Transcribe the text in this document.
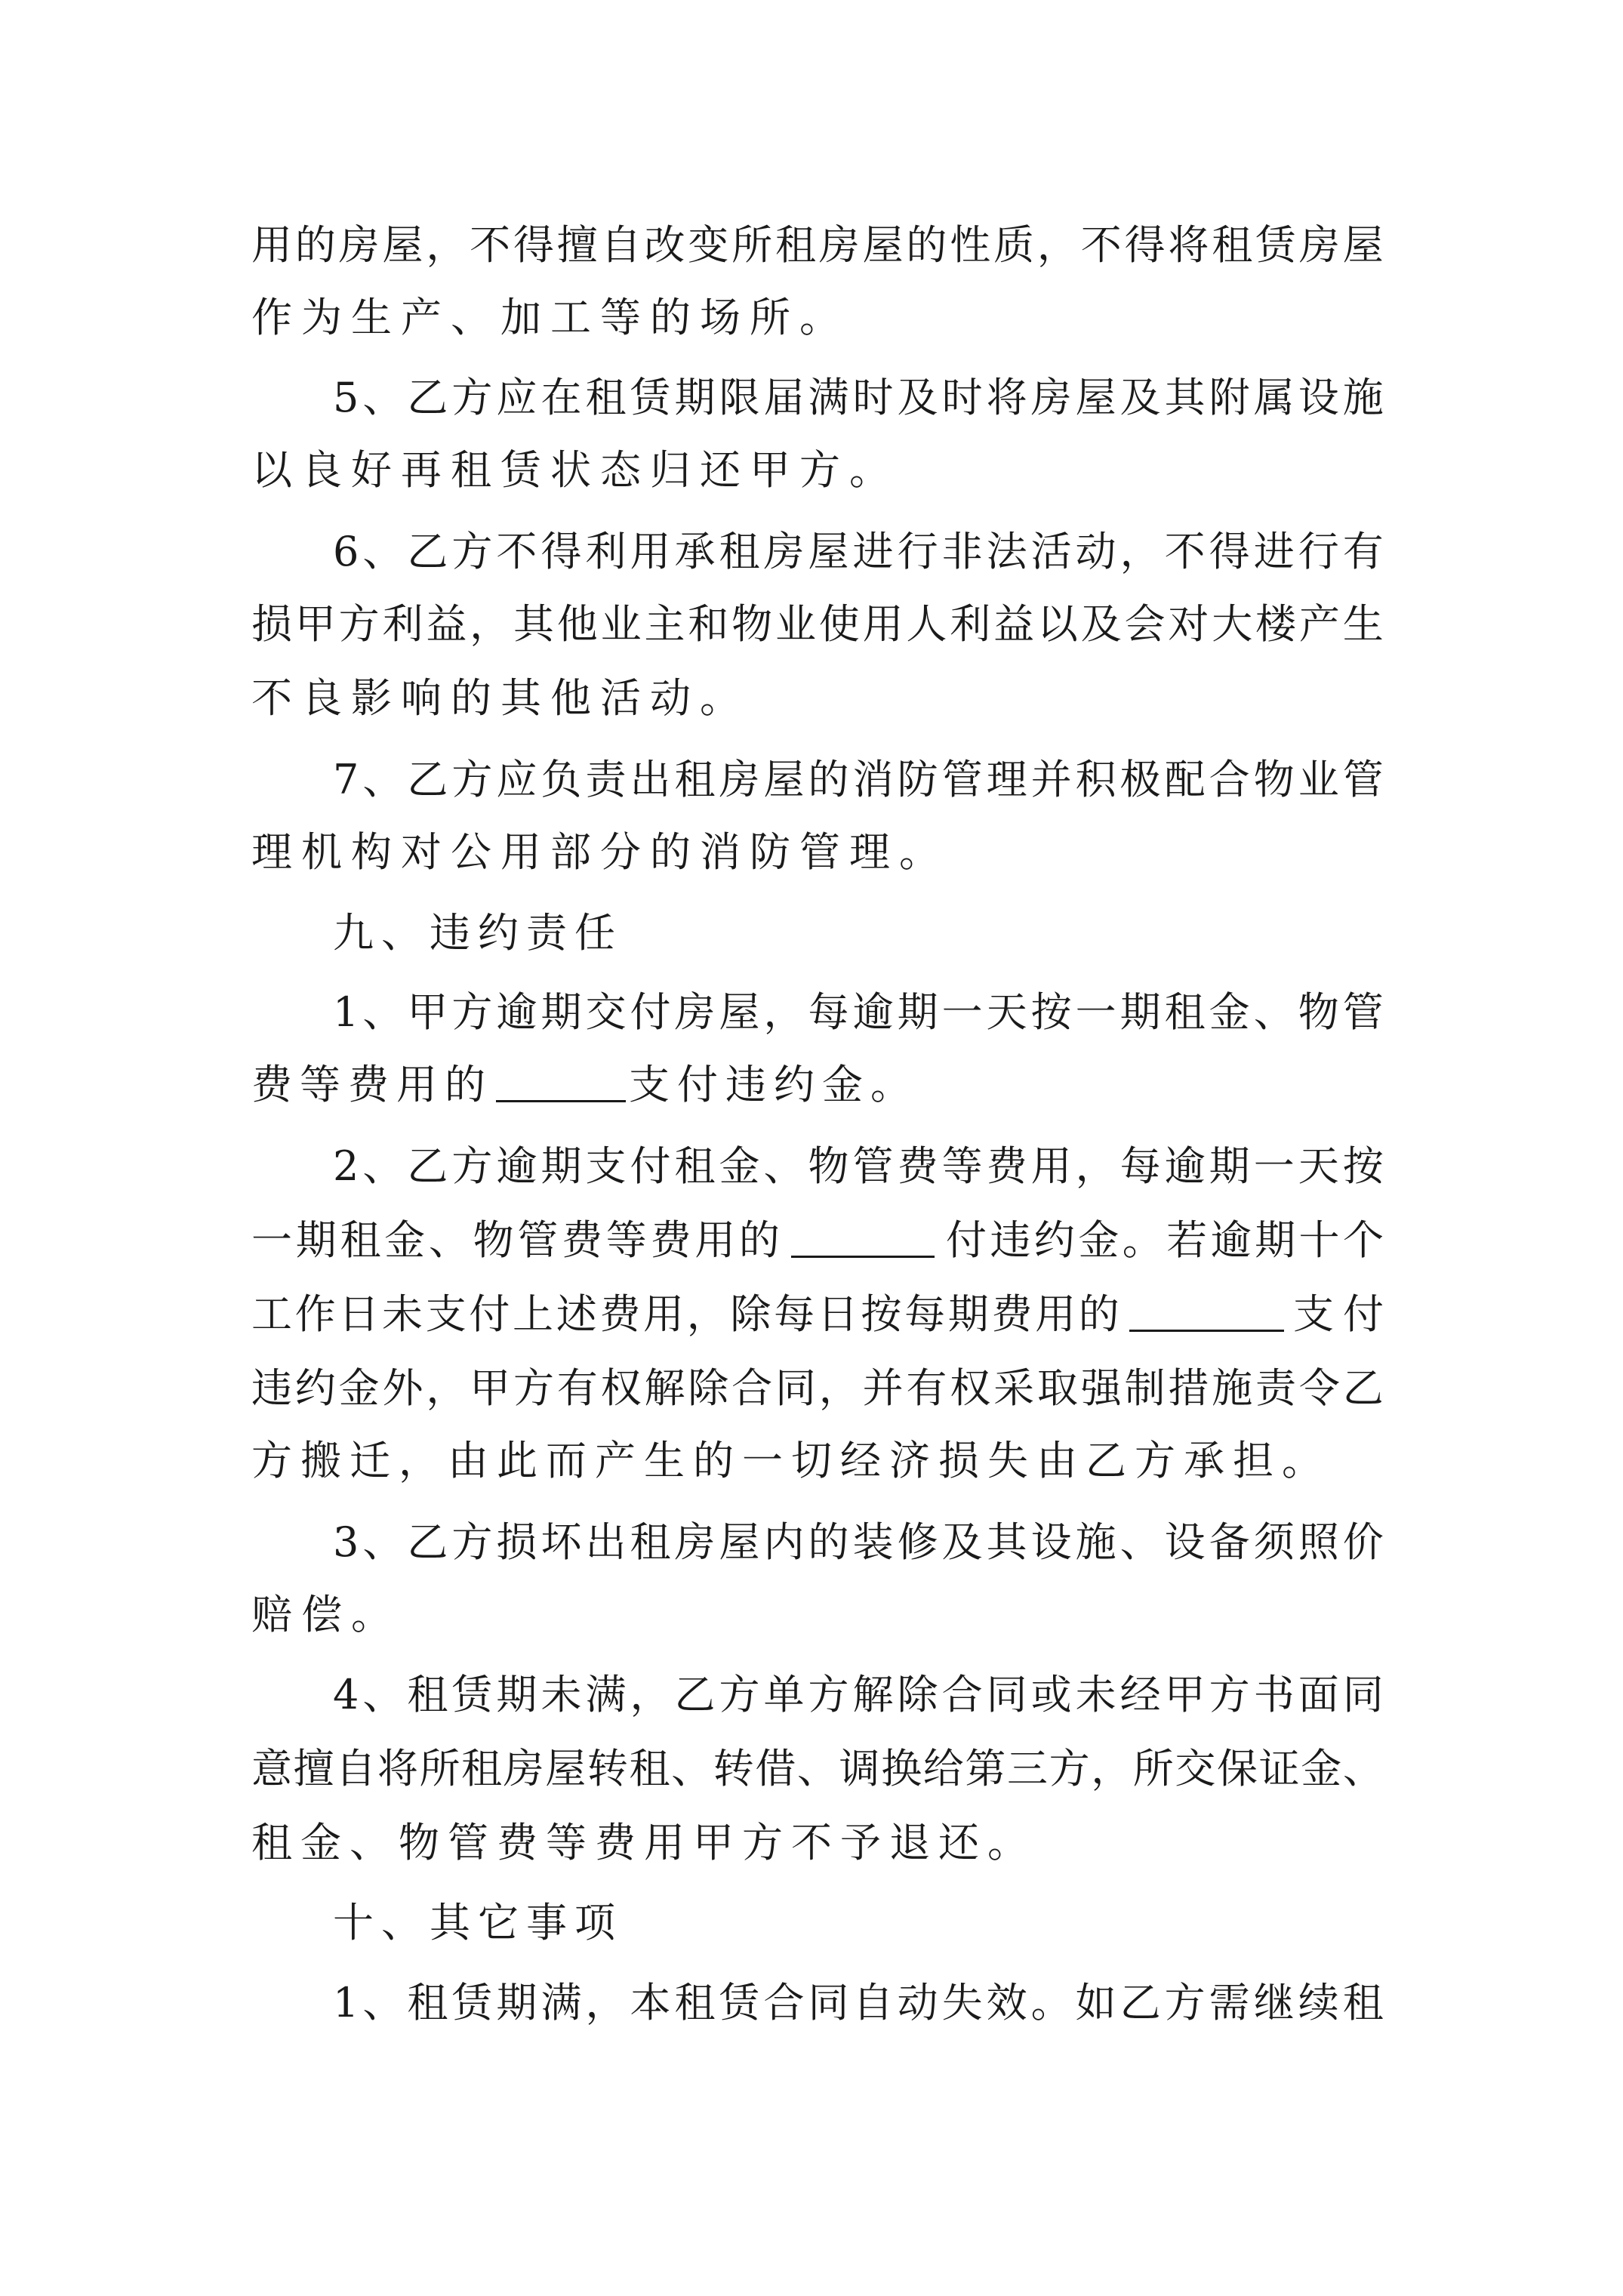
用 的 房 屋 ， 不 得 擅 自 改 变 所 租 房 屋 的 性 质 ， 不 得 将 租 赁 房 屋
作为生产、加工等的场所。
5 、 乙 方 应 在 租 赁 期 限 届 满 时 及 时 将 房 屋 及 其 附 属 设 施
以良好再租赁状态归还甲方。
6 、 乙 方 不 得 利 用 承 租 房 屋 进 行 非 法 活 动 ， 不 得 进 行 有
损 甲 方 利 益 ， 其 他 业 主 和 物 业 使 用 人 利 益 以 及 会 对 大 楼 产 生
不良影响的其他活动。
7 、 乙 方 应 负 责 出 租 房 屋 的 消 防 管 理 并 积 极 配 合 物 业 管
理机构对公用部分的消防管理。
九、违约责任
1 、 甲 方 逾 期 交 付 房 屋 ， 每 逾 期 一 天 按 一 期 租 金 、 物 管
费等费用的	支付违约金。
2 、 乙 方 逾 期 支 付 租 金 、 物 管 费 等 费 用 ， 每 逾 期 一 天 按
一 期 租 金 、 物 管 费 等 费 用 的	付 违 约 金 。 若 逾 期 十 个
工 作 日 未 支 付 上 述 费 用 ， 除 每 日 按 每 期 费 用 的	支 付
违 约 金 外 ， 甲 方 有 权 解 除 合 同 ， 并 有 权 采 取 强 制 措 施 责 令 乙
方搬迁，由此而产生的一切经济损失由乙方承担。
3 、 乙 方 损 坏 出 租 房 屋 内 的 装 修 及 其 设 施 、 设 备 须 照 价
赔偿。
4 、 租 赁 期 未 满 ， 乙 方 单 方 解 除 合 同 或 未 经 甲 方 书 面 同
意 擅 自 将 所 租 房 屋 转 租 、 转 借 、 调 换 给 第 三 方 ， 所 交 保 证 金 、
租金、物管费等费用甲方不予退还。
十、其它事项
1 、 租 赁 期 满 ， 本 租 赁 合 同 自 动 失 效 。 如 乙 方 需 继 续 租
